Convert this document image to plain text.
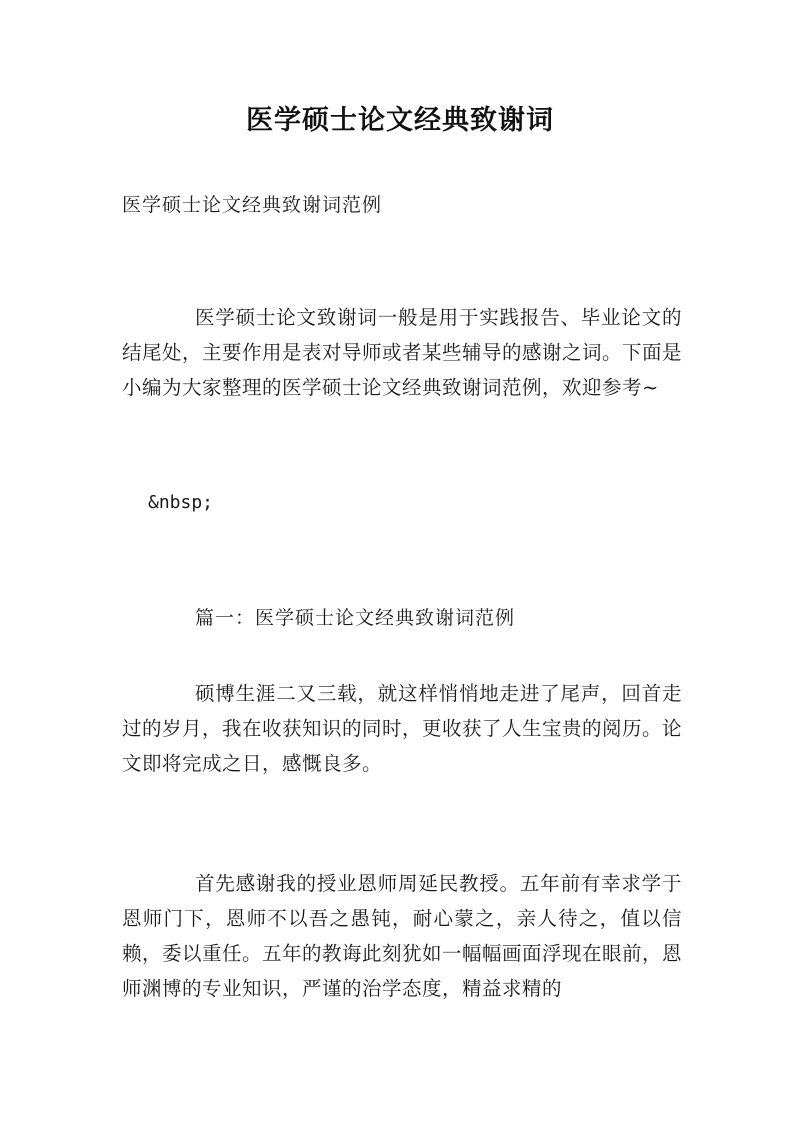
医学硕士论文经典致谢词

医学硕士论文经典致谢词范例

医学硕士论文致谢词一般是用于实践报告、毕业论文的结尾处，主要作用是表对导师或者某些辅导的感谢之词。下面是小编为大家整理的医学硕士论文经典致谢词范例，欢迎参考~

&nbsp;

篇一：医学硕士论文经典致谢词范例

硕博生涯二又三载，就这样悄悄地走进了尾声，回首走过的岁月，我在收获知识的同时，更收获了人生宝贵的阅历。论文即将完成之日，感慨良多。

首先感谢我的授业恩师周延民教授。五年前有幸求学于恩师门下，恩师不以吾之愚钝，耐心蒙之，亲人待之，值以信赖，委以重任。五年的教诲此刻犹如一幅幅画面浮现在眼前，恩师渊博的专业知识，严谨的治学态度，精益求精的
